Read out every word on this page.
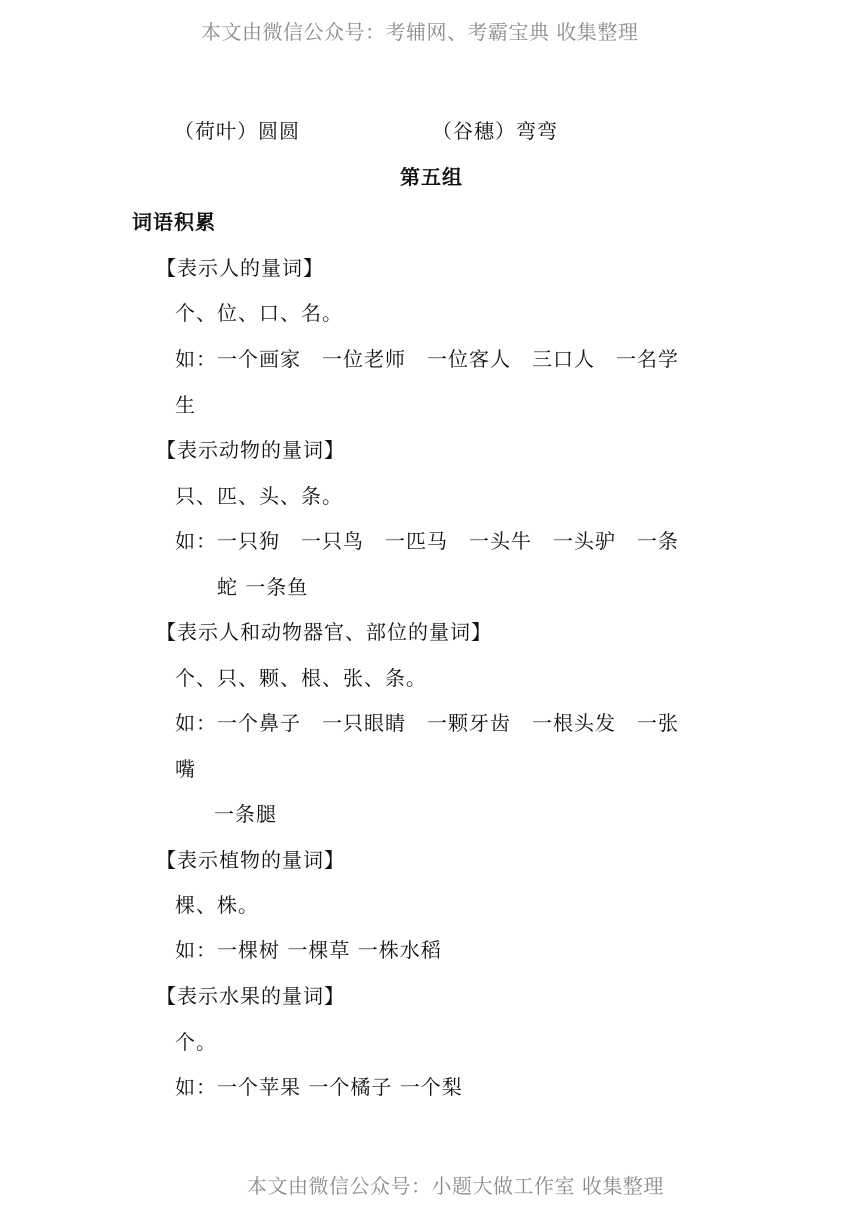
本文由微信公众号：考辅网、考霸宝典 收集整理
（荷叶）圆圆	（谷穗）弯弯
第五组
词语积累
【表示人的量词】
个、位、口、名。
如：一个画家　一位老师　一位客人　三口人　一名学
生
【表示动物的量词】
只、匹、头、条。
如：一只狗　一只鸟　一匹马　一头牛　一头驴　一条
蛇 一条鱼
【表示人和动物器官、部位的量词】
个、只、颗、根、张、条。
如：一个鼻子　一只眼睛　一颗牙齿　一根头发　一张
嘴
一条腿
【表示植物的量词】
棵、株。
如：一棵树 一棵草 一株水稻
【表示水果的量词】
个。
如：一个苹果 一个橘子 一个梨
本文由微信公众号：小题大做工作室 收集整理
